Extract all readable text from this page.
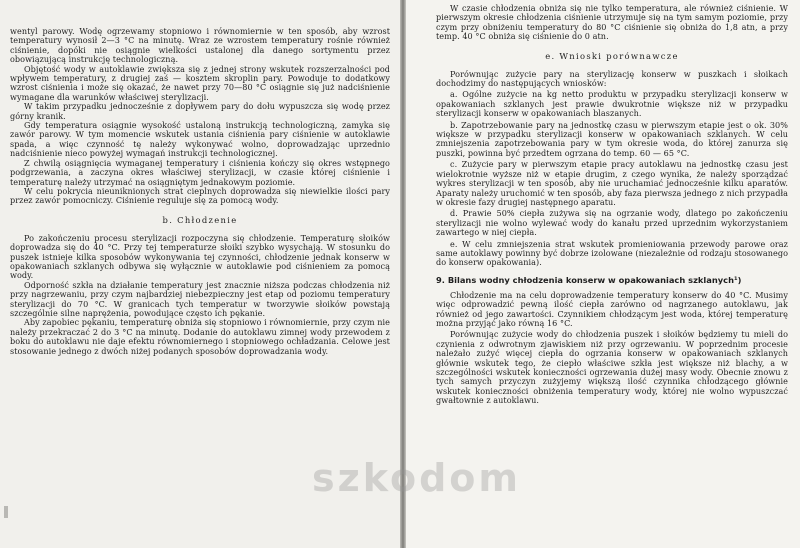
wentyl parowy. Wodę ogrzewamy stopniowo i równomiernie w ten sposób, aby wzrost temperatury wynosił 2—3 °C na minutę. Wraz ze wzrostem temperatury rośnie również ciśnienie, dopóki nie osiągnie wielkości ustalonej dla danego sortymentu przez obowiązującą instrukcję technologiczną.

Objętość wody w autoklawie zwiększa się z jednej strony wskutek rozszerzalności pod wpływem temperatury, z drugiej zaś — kosztem skroplin pary. Powoduje to dodatkowy wzrost ciśnienia i może się okazać, że nawet przy 70—80 °C osiągnie się już nadciśnienie wymagane dla warunków właściwej sterylizacji.

W takim przypadku jednocześnie z dopływem pary do dołu wypuszcza się wodę przez górny kranik.

Gdy temperatura osiągnie wysokość ustaloną instrukcją technologiczną, zamyka się zawór parowy. W tym momencie wskutek ustania ciśnienia pary ciśnienie w autoklawie spada, a więc czynność tę należy wykonywać wolno, doprowadzając uprzednio nadciśnienie nieco powyżej wymagań instrukcji technologicznej.

Z chwilą osiągnięcia wymaganej temperatury i ciśnienia kończy się okres wstępnego podgrzewania, a zaczyna okres właściwej sterylizacji, w czasie której ciśnienie i temperaturę należy utrzymać na osiągniętym jednakowym poziomie.

W celu pokrycia nieuniknionych strat cieplnych doprowadza się niewielkie ilości pary przez zawór pomocniczy. Ciśnienie reguluje się za pomocą wody.

b. Chłodzenie

Po zakończeniu procesu sterylizacji rozpoczyna się chłodzenie. Temperaturę słoików doprowadza się do 40 °C. Przy tej temperaturze słoiki szybko wysychają. W stosunku do puszek istnieje kilka sposobów wykonywania tej czynności, chłodzenie jednak konserw w opakowaniach szklanych odbywa się wyłącznie w autoklawie pod ciśnieniem za pomocą wody.

Odporność szkła na działanie temperatury jest znacznie niższa podczas chłodzenia niż przy nagrzewaniu, przy czym najbardziej niebezpieczny jest etap od poziomu temperatury sterylizacji do 70 °C. W granicach tych temperatur w tworzywie słoików powstają szczególnie silne naprężenia, powodujące często ich pękanie.

Aby zapobiec pękaniu, temperaturę obniża się stopniowo i równomiernie, przy czym nie należy przekraczać 2 do 3 °C na minutę. Dodanie do autoklawu zimnej wody przewodem z boku do autoklawu nie daje efektu równomiernego i stopniowego ochładzania. Celowe jest stosowanie jednego z dwóch niżej podanych sposobów doprowadzania wody.

W czasie chłodzenia obniża się nie tylko temperatura, ale również ciśnienie. W pierwszym okresie chłodzenia ciśnienie utrzymuje się na tym samym poziomie, przy czym przy obniżeniu temperatury do 80 °C ciśnienie się obniża do 1,8 atn, a przy temp. 40 °C obniża się ciśnienie do 0 atn.

e. Wnioski porównawcze

Porównując zużycie pary na sterylizację konserw w puszkach i słoikach dochodzimy do następujących wniosków:

a. Ogólne zużycie na kg netto produktu w przypadku sterylizacji konserw w opakowaniach szklanych jest prawie dwukrotnie większe niż w przypadku sterylizacji konserw w opakowaniach blaszanych.

b. Zapotrzebowanie pary na jednostkę czasu w pierwszym etapie jest o ok. 30% większe w przypadku sterylizacji konserw w opakowaniach szklanych. W celu zmniejszenia zapotrzebowania pary w tym okresie woda, do której zanurza się puszki, powinna być przedtem ogrzana do temp. 60 — 65 °C.

c. Zużycie pary w pierwszym etapie pracy autoklawu na jednostkę czasu jest wielokrotnie wyższe niż w etapie drugim, z czego wynika, że należy sporządzać wykres sterylizacji w ten sposób, aby nie uruchamiać jednocześnie kilku aparatów. Aparaty należy uruchomić w ten sposób, aby faza pierwsza jednego z nich przypadła w okresie fazy drugiej następnego aparatu.

d. Prawie 50% ciepła zużywa się na ogrzanie wody, dlatego po zakończeniu sterylizacji nie wolno wylewać wody do kanału przed uprzednim wykorzystaniem zawartego w niej ciepła.

e. W celu zmniejszenia strat wskutek promieniowania przewody parowe oraz same autoklawy powinny być dobrze izolowane (niezależnie od rodzaju stosowanego do konserw opakowania).

9. Bilans wodny chłodzenia konserw w opakowaniach szklanych¹)

Chłodzenie ma na celu doprowadzenie temperatury konserw do 40 °C. Musimy więc odprowadzić pewną ilość ciepła zarówno od nagrzanego autoklawu, jak również od jego zawartości. Czynnikiem chłodzącym jest woda, której temperaturę można przyjąć jako równą 16 °C.

Porównując zużycie wody do chłodzenia puszek i słoików będziemy tu mieli do czynienia z odwrotnym zjawiskiem niż przy ogrzewaniu. W poprzednim procesie należało zużyć więcej ciepła do ogrzania konserw w opakowaniach szklanych głównie wskutek tego, że ciepło właściwe szkła jest większe niż blachy, a w szczególności wskutek konieczności ogrzewania dużej masy wody. Obecnie znowu z tych samych przyczyn zużyjemy większą ilość czynnika chłodzącego głównie wskutek konieczności obniżenia temperatury wody, której nie wolno wypuszczać gwałtownie z autoklawu.

szkodom
